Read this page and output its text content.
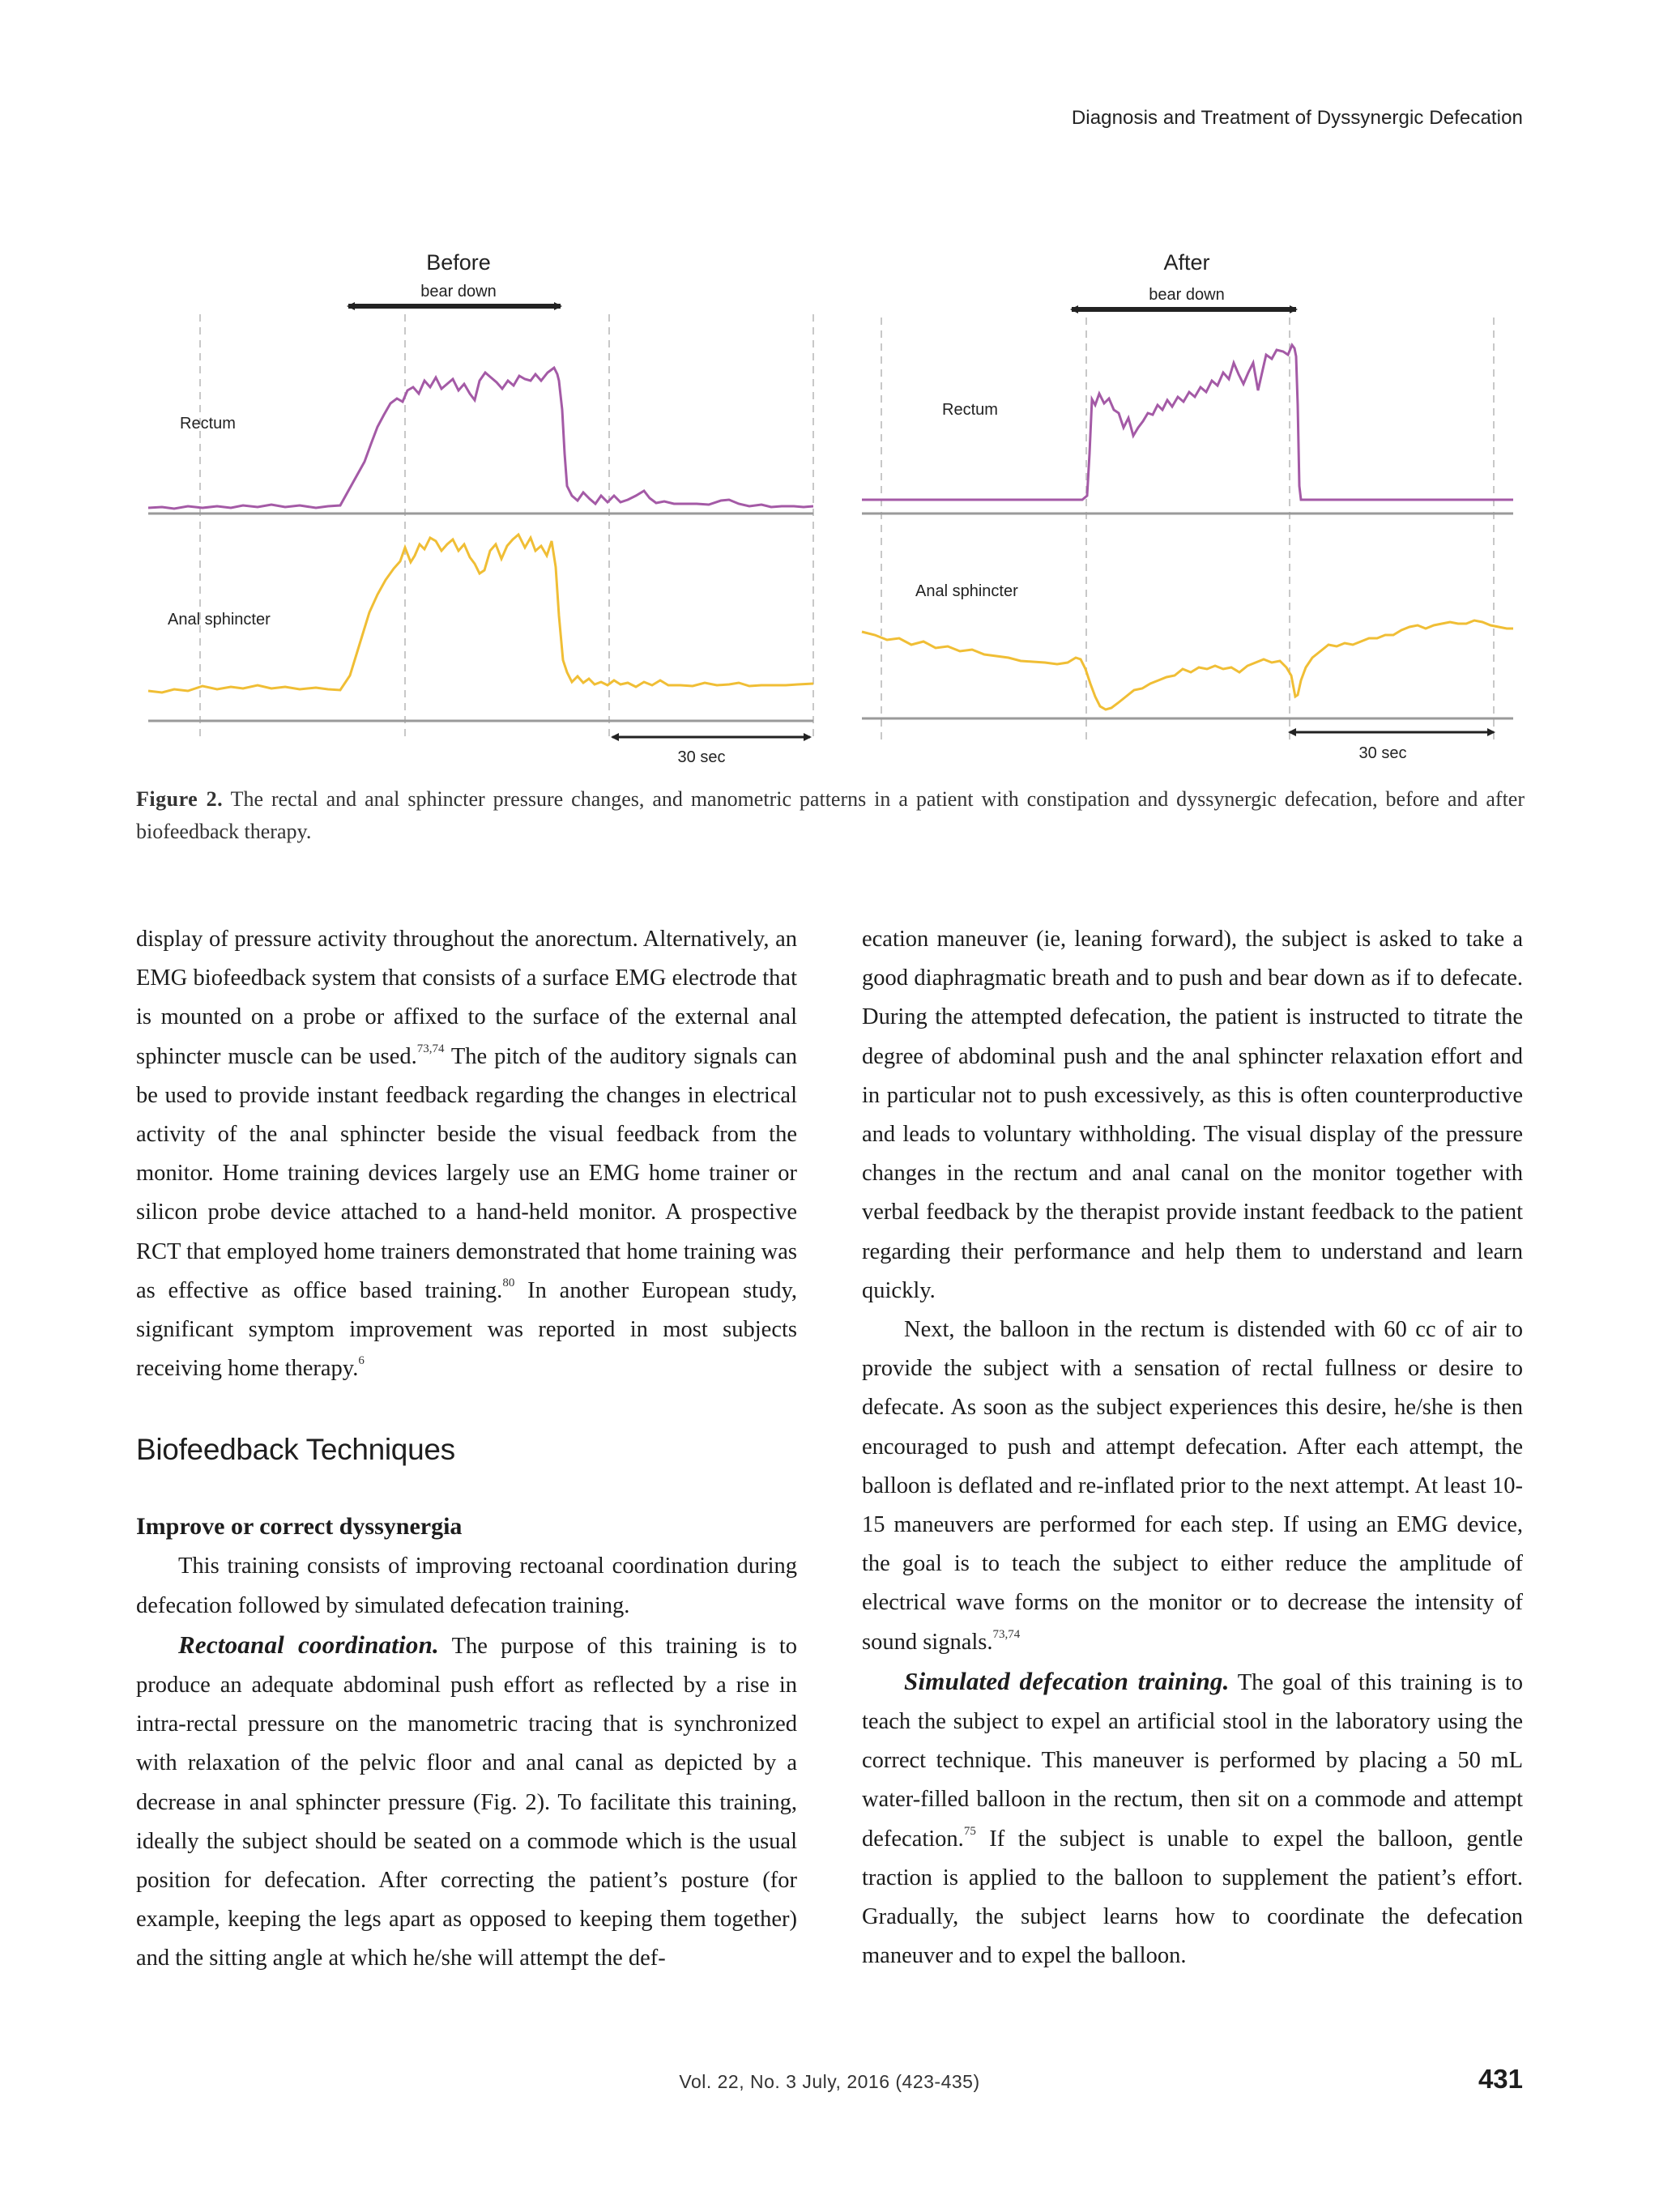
Diagnosis and Treatment of Dyssynergic Defecation
Before
bear down
Rectum
Anal sphincter
30 sec
After
bear down
Rectum
Anal sphincter
30 sec
Figure 2. The rectal and anal sphincter pressure changes, and manometric patterns in a patient with constipation and dyssynergic defecation, before and after biofeedback therapy.

display of pressure activity throughout the anorectum. Alternatively, an EMG biofeedback system that consists of a surface EMG electrode that is mounted on a probe or affixed to the surface of the external anal sphincter muscle can be used.$^{73,74}$ The pitch of the auditory signals can be used to provide instant feedback regarding the changes in electrical activity of the anal sphincter beside the visual feedback from the monitor. Home training devices largely use an EMG home trainer or silicon probe device attached to a hand-held monitor. A prospective RCT that employed home trainers demonstrated that home training was as effective as office based training.$^{80}$ In another European study, significant symptom improvement was reported in most subjects receiving home therapy.$^6$

Biofeedback Techniques
Improve or correct dyssynergia

This training consists of improving rectoanal coordination during defecation followed by simulated defecation training.

Rectoanal coordination. The purpose of this training is to produce an adequate abdominal push effort as reflected by a rise in intra-rectal pressure on the manometric tracing that is synchronized with relaxation of the pelvic floor and anal canal as depicted by a decrease in anal sphincter pressure (Fig. 2). To facilitate this training, ideally the subject should be seated on a commode which is the usual position for defecation. After correcting the patient’s posture (for example, keeping the legs apart as opposed to keeping them together) and the sitting angle at which he/she will attempt the def-

ecation maneuver (ie, leaning forward), the subject is asked to take a good diaphragmatic breath and to push and bear down as if to defecate. During the attempted defecation, the patient is instructed to titrate the degree of abdominal push and the anal sphincter relaxation effort and in particular not to push excessively, as this is often counterproductive and leads to voluntary withholding. The visual display of the pressure changes in the rectum and anal canal on the monitor together with verbal feedback by the therapist provide instant feedback to the patient regarding their performance and help them to understand and learn quickly.

Next, the balloon in the rectum is distended with 60 cc of air to provide the subject with a sensation of rectal fullness or desire to defecate. As soon as the subject experiences this desire, he/she is then encouraged to push and attempt defecation. After each attempt, the balloon is deflated and re-inflated prior to the next attempt. At least 10-15 maneuvers are performed for each step. If using an EMG device, the goal is to teach the subject to either reduce the amplitude of electrical wave forms on the monitor or to decrease the intensity of sound signals.$^{73,74}$

Simulated defecation training. The goal of this training is to teach the subject to expel an artificial stool in the laboratory using the correct technique. This maneuver is performed by placing a 50 mL water-filled balloon in the rectum, then sit on a commode and attempt defecation.$^{75}$ If the subject is unable to expel the balloon, gentle traction is applied to the balloon to supplement the patient’s effort. Gradually, the subject learns how to coordinate the defecation maneuver and to expel the balloon.

Vol. 22, No. 3 July, 2016 (423-435)	431
